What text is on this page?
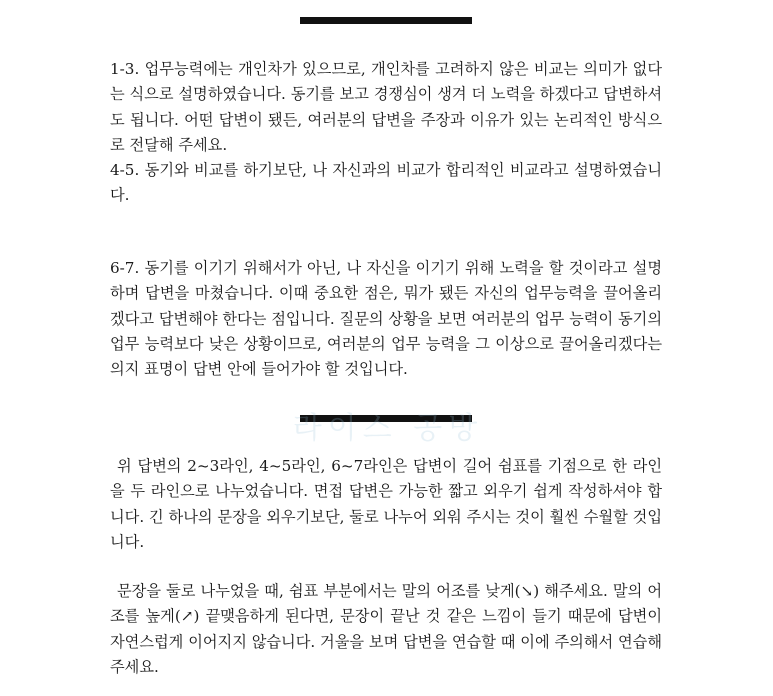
1-3. 업무능력에는 개인차가 있으므로, 개인차를 고려하지 않은 비교는 의미가 없다는 식으로 설명하였습니다. 동기를 보고 경쟁심이 생겨 더 노력을 하겠다고 답변하셔도 됩니다. 어떤 답변이 됐든, 여러분의 답변을 주장과 이유가 있는 논리적인 방식으로 전달해 주세요.

4-5. 동기와 비교를 하기보단, 나 자신과의 비교가 합리적인 비교라고 설명하였습니다.

6-7. 동기를 이기기 위해서가 아닌, 나 자신을 이기기 위해 노력을 할 것이라고 설명하며 답변을 마쳤습니다. 이때 중요한 점은, 뭐가 됐든 자신의 업무능력을 끌어올리겠다고 답변해야 한다는 점입니다. 질문의 상황을 보면 여러분의 업무 능력이 동기의 업무 능력보다 낮은 상황이므로, 여러분의 업무 능력을 그 이상으로 끌어올리겠다는 의지 표명이 답변 안에 들어가야 할 것입니다.

라이스 공방

위 답변의 2~3라인, 4~5라인, 6~7라인은 답변이 길어 쉼표를 기점으로 한 라인을 두 라인으로 나누었습니다. 면접 답변은 가능한 짧고 외우기 쉽게 작성하셔야 합니다. 긴 하나의 문장을 외우기보단, 둘로 나누어 외워 주시는 것이 훨씬 수월할 것입니다.

문장을 둘로 나누었을 때, 쉼표 부분에서는 말의 어조를 낮게(↘) 해주세요. 말의 어조를 높게(↗) 끝맺음하게 된다면, 문장이 끝난 것 같은 느낌이 들기 때문에 답변이 자연스럽게 이어지지 않습니다. 거울을 보며 답변을 연습할 때 이에 주의해서 연습해 주세요.
